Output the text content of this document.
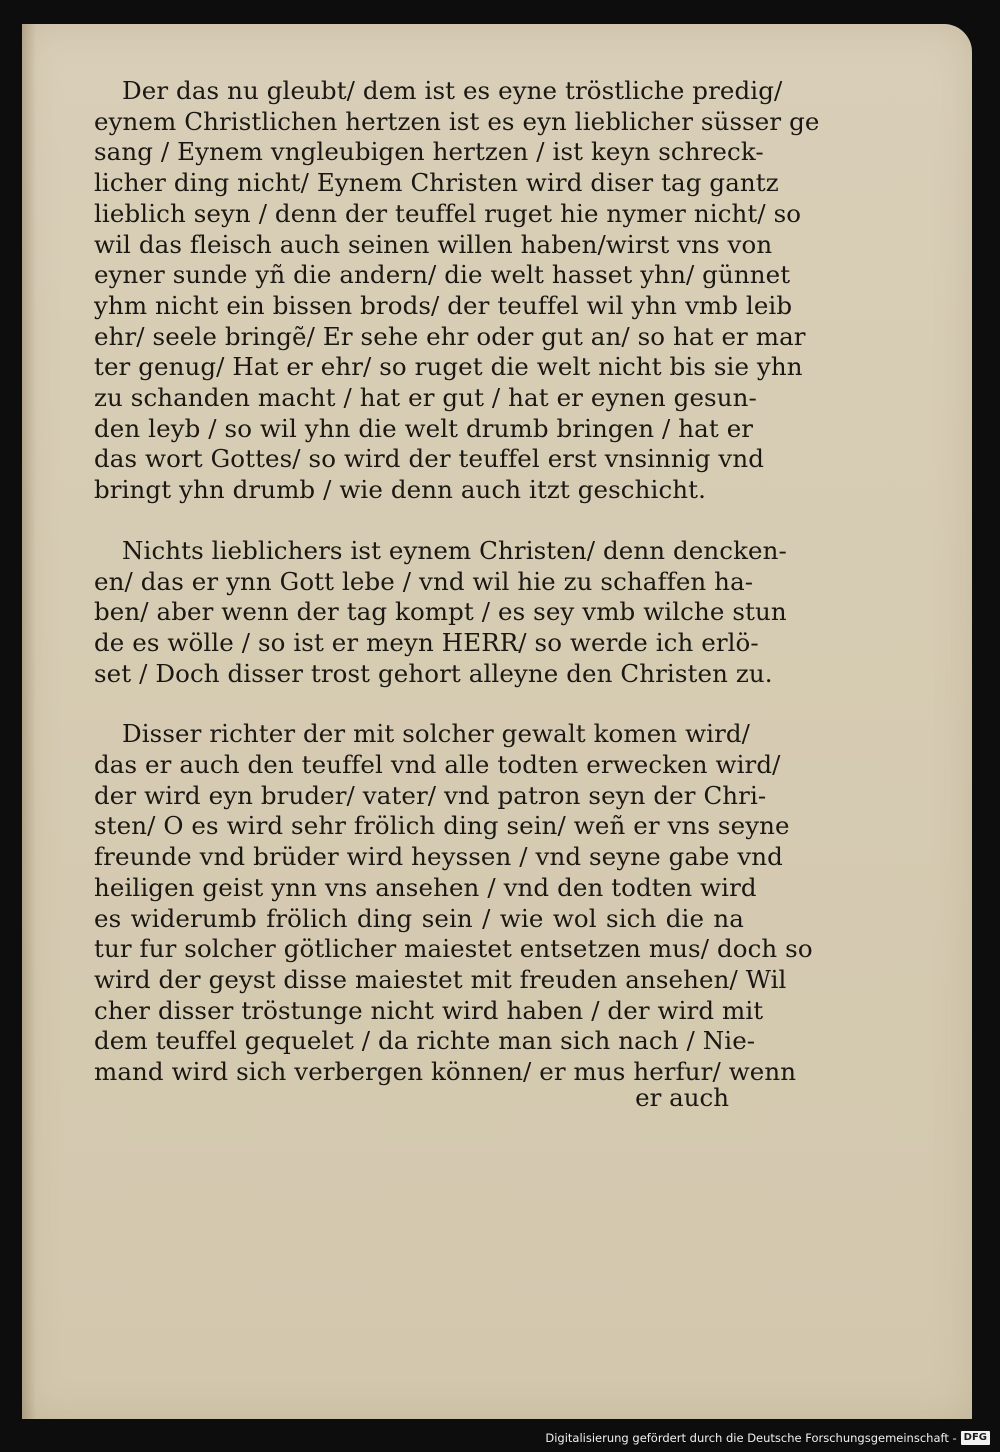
Der das nu gleubt/ dem ist es eyne tröstliche predig/
eynem Christlichen hertzen ist es eyn lieblicher süsser ge
sang / Eynem vngleubigen hertzen / ist keyn schreck-
licher ding nicht/ Eynem Christen wird diser tag gantz
lieblich seyn / denn der teuffel ruget hie nymer nicht/ so
wil das fleisch auch seinen willen haben/wirst vns von
eyner sunde yñ die andern/ die welt hasset yhn/ günnet
yhm nicht ein bissen brods/ der teuffel wil yhn vmb leib
ehr/ seele bringẽ/ Er sehe ehr oder gut an/ so hat er mar
ter genug/ Hat er ehr/ so ruget die welt nicht bis sie yhn
zu schanden macht / hat er gut / hat er eynen gesun-
den leyb / so wil yhn die welt drumb bringen / hat er
das wort Gottes/ so wird der teuffel erst vnsinnig vnd
bringt yhn drumb / wie denn auch itzt geschicht.

Nichts lieblichers ist eynem Christen/ denn dencken-
en/ das er ynn Gott lebe / vnd wil hie zu schaffen ha-
ben/ aber wenn der tag kompt / es sey vmb wilche stun
de es wölle / so ist er meyn HERR/ so werde ich erlö-
set / Doch disser trost gehort alleyne den Christen zu.

Disser richter der mit solcher gewalt komen wird/
das er auch den teuffel vnd alle todten erwecken wird/
der wird eyn bruder/ vater/ vnd patron seyn der Chri-
sten/ O es wird sehr frölich ding sein/ weñ er vns seyne
freunde vnd brüder wird heyssen / vnd seyne gabe vnd
heiligen geist ynn vns ansehen / vnd den todten wird
es widerumb frölich ding sein / wie wol sich die na
tur fur solcher götlicher maiestet entsetzen mus/ doch so
wird der geyst disse maiestet mit freuden ansehen/ Wil
cher disser tröstunge nicht wird haben / der wird mit
dem teuffel gequelet / da richte man sich nach / Nie-
mand wird sich verbergen können/ er mus herfur/ wenn

er auch
Digitalisierung gefördert durch die Deutsche Forschungsgemeinschaft - DFG
